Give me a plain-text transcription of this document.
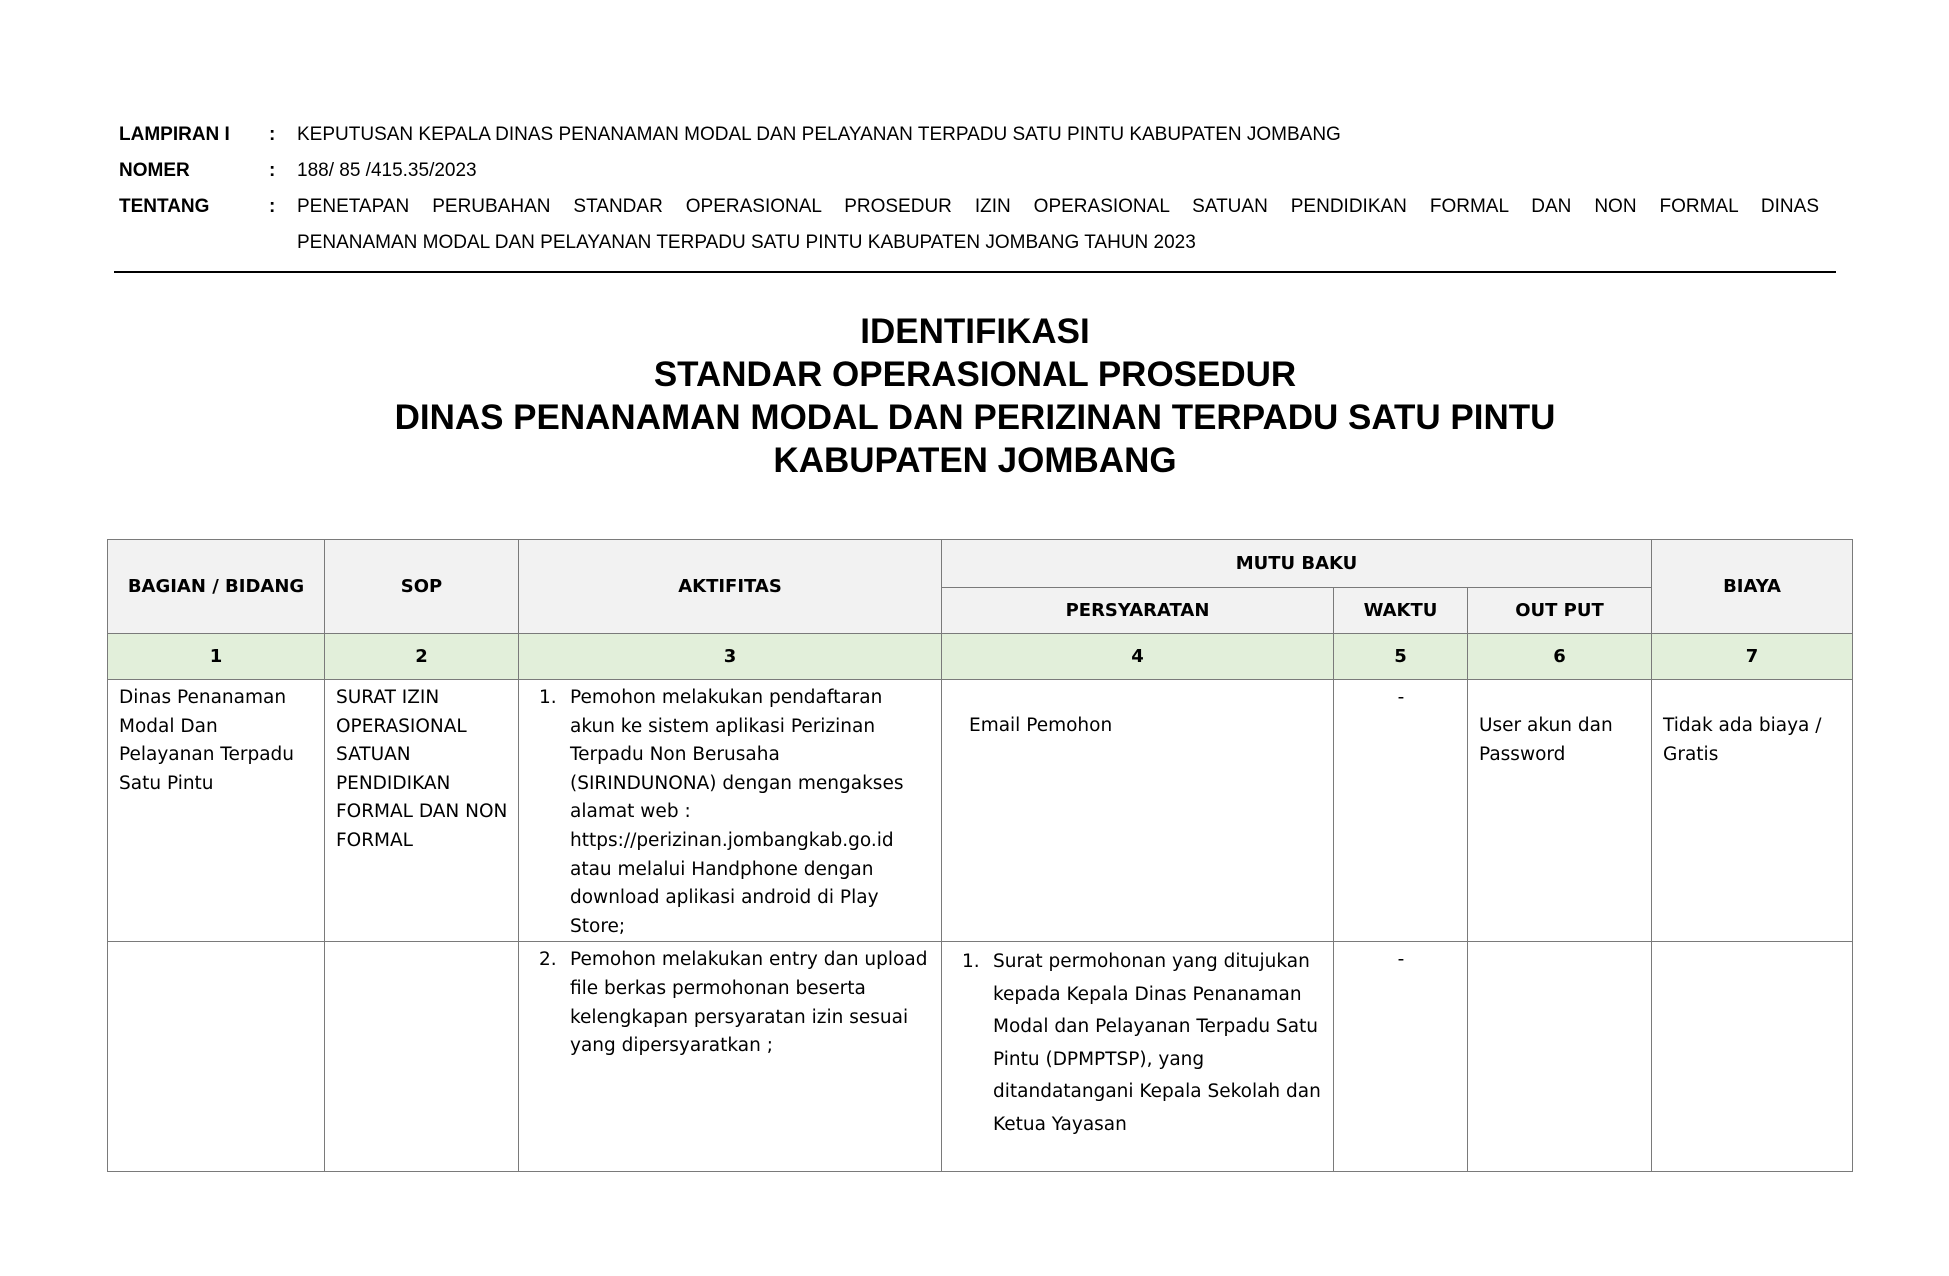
LAMPIRAN I	:	KEPUTUSAN KEPALA DINAS PENANAMAN MODAL DAN PELAYANAN TERPADU SATU PINTU KABUPATEN JOMBANG
NOMER	:	188/ 85 /415.35/2023
TENTANG	:	PENETAPAN PERUBAHAN STANDAR OPERASIONAL PROSEDUR IZIN OPERASIONAL SATUAN PENDIDIKAN FORMAL DAN NON FORMAL DINAS
PENANAMAN MODAL DAN PELAYANAN TERPADU SATU PINTU KABUPATEN JOMBANG TAHUN 2023
IDENTIFIKASI
STANDAR OPERASIONAL PROSEDUR
DINAS PENANAMAN MODAL DAN PERIZINAN TERPADU SATU PINTU
KABUPATEN JOMBANG
BAGIAN / BIDANG	SOP	AKTIFITAS	MUTU BAKU			BIAYA
			PERSYARATAN	WAKTU	OUT PUT	
1	2	3	4	5	6	7
Dinas Penanaman Modal Dan Pelayanan Terpadu Satu Pintu	SURAT IZIN OPERASIONAL SATUAN PENDIDIKAN FORMAL DAN NON FORMAL	1. Pemohon melakukan pendaftaran akun ke sistem aplikasi Perizinan Terpadu Non Berusaha (SIRINDUNONA) dengan mengakses alamat web : https://perizinan.jombangkab.go.id atau melalui Handphone dengan download aplikasi android di Play Store;	Email Pemohon	-	User akun dan Password	Tidak ada biaya / Gratis

		2. Pemohon melakukan entry dan upload file berkas permohonan beserta kelengkapan persyaratan izin sesuai yang dipersyaratkan ;	1. Surat permohonan yang ditujukan kepada Kepala Dinas Penanaman Modal dan Pelayanan Terpadu Satu Pintu (DPMPTSP), yang ditandatangani Kepala Sekolah dan Ketua Yayasan	-		
